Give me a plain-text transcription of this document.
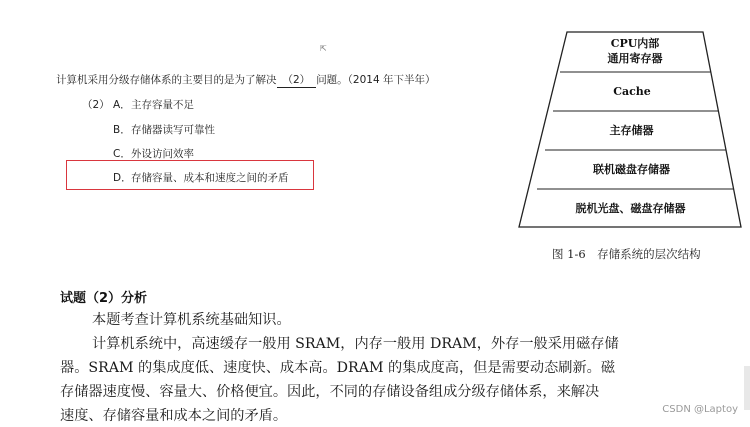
⇱
计算机采用分级存储体系的主要目的是为了解决 （2） 问题。（2014 年下半年）
（2） A．主存容量不足
B．存储器读写可靠性
C．外设访问效率
D．存储容量、成本和速度之间的矛盾
CPU内部
通用寄存器
Cache
主存储器
联机磁盘存储器
脱机光盘、磁盘存储器
图 1-6　存储系统的层次结构
试题（2）分析
本题考查计算机系统基础知识。
计算机系统中，高速缓存一般用 SRAM，内存一般用 DRAM，外存一般采用磁存储
器。SRAM 的集成度低、速度快、成本高。DRAM 的集成度高，但是需要动态刷新。磁
存储器速度慢、容量大、价格便宜。因此，不同的存储设备组成分级存储体系，来解决
速度、存储容量和成本之间的矛盾。	CSDN @Laptoy
